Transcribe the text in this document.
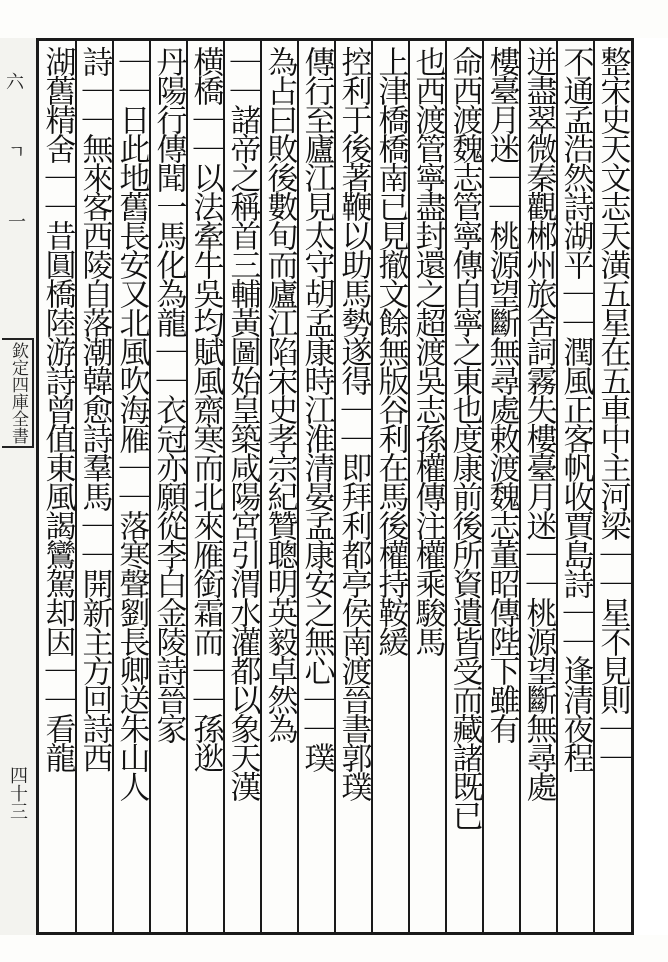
六
ㄱ
一
欽定四庫全書
四十三
整宋史天文志天潢五星在五車中主河梁｜｜星不見則｜｜
不通孟浩然詩湖平｜｜潤風正客帆收賈島詩｜｜逢清夜程
迸盡翠微秦觀郴州旅舍詞霧失樓臺月迷｜｜桃源望斷無尋處
樓臺月迷｜｜桃源望斷無尋處敕渡魏志董昭傳陛下雖有
命西渡魏志管寧傳自寧之東也度康前後所資遺皆受而藏諸既已
也西渡管寧盡封還之超渡吳志孫權傳注權乘駿馬
上津橋橋南已見撤文餘無版谷利在馬後權持鞍緩
控利于後著鞭以助馬勢遂得｜｜即拜利都亭侯南渡晉書郭璞
傳行至廬江見太守胡孟康時江淮清晏孟康安之無心｜｜璞
為占曰敗後數旬而廬江陷宋史孝宗紀贊聰明英毅卓然為
｜｜諸帝之稱首三輔黃圖始皇築咸陽宮引渭水灌都以象天漢
横橋｜｜以法牽牛吳均賦風齋寒而北來雁銜霜而｜｜孫逖
丹陽行傳聞一馬化為龍｜｜衣冠亦願從李白金陵詩晉家
｜｜日此地舊長安又北風吹海雁｜｜落寒聲劉長卿送朱山人
詩｜｜無來客西陵自落潮韓愈詩羣馬｜｜開新主方回詩西
湖舊精舍｜｜昔圓橋陸游詩曾值東風謁鸞駕却因｜｜看龍
